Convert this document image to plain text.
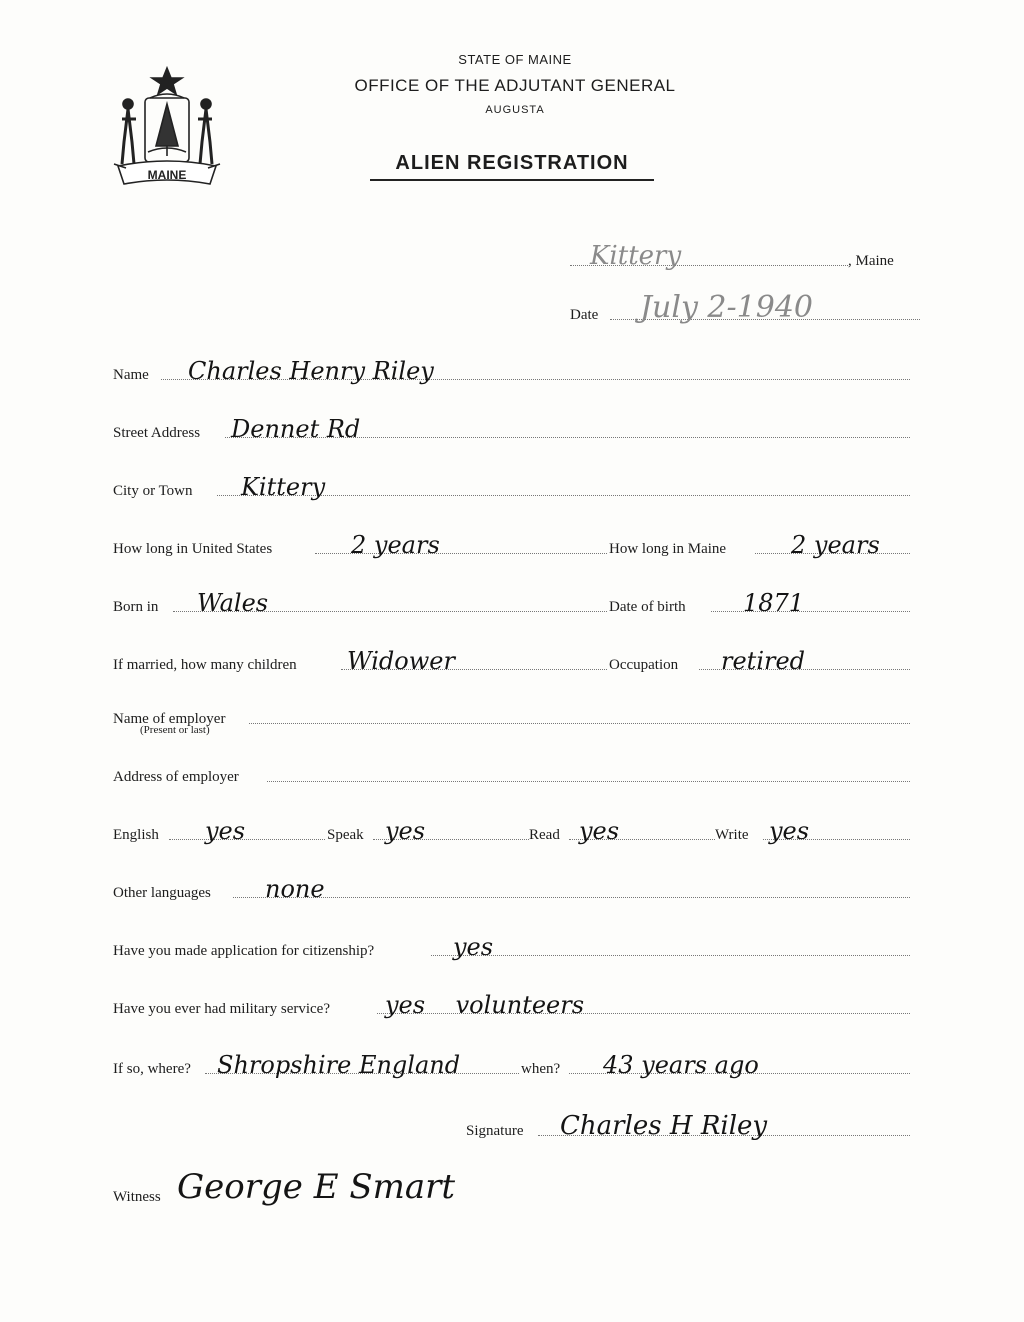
MAINE
STATE OF MAINE
OFFICE OF THE ADJUTANT GENERAL
AUGUSTA
ALIEN REGISTRATION
Kittery	, Maine
Date July 2-1940
Name Charles Henry Riley
Street Address Dennet Rd
City or Town Kittery
How long in United States	2 years	How long in Maine	2 years
Born in Wales	Date of birth 1871
If married, how many children Widower	Occupation retired
Name of employer
(Present or last)
Address of employer
English yes	Speak yes	Read yes	Write yes
Other languages none
Have you made application for citizenship?	yes
Have you ever had military service? yes    volunteers
If so, where? Shropshire England	when? 43 years ago
Signature Charles H Riley
Witness George E Smart
